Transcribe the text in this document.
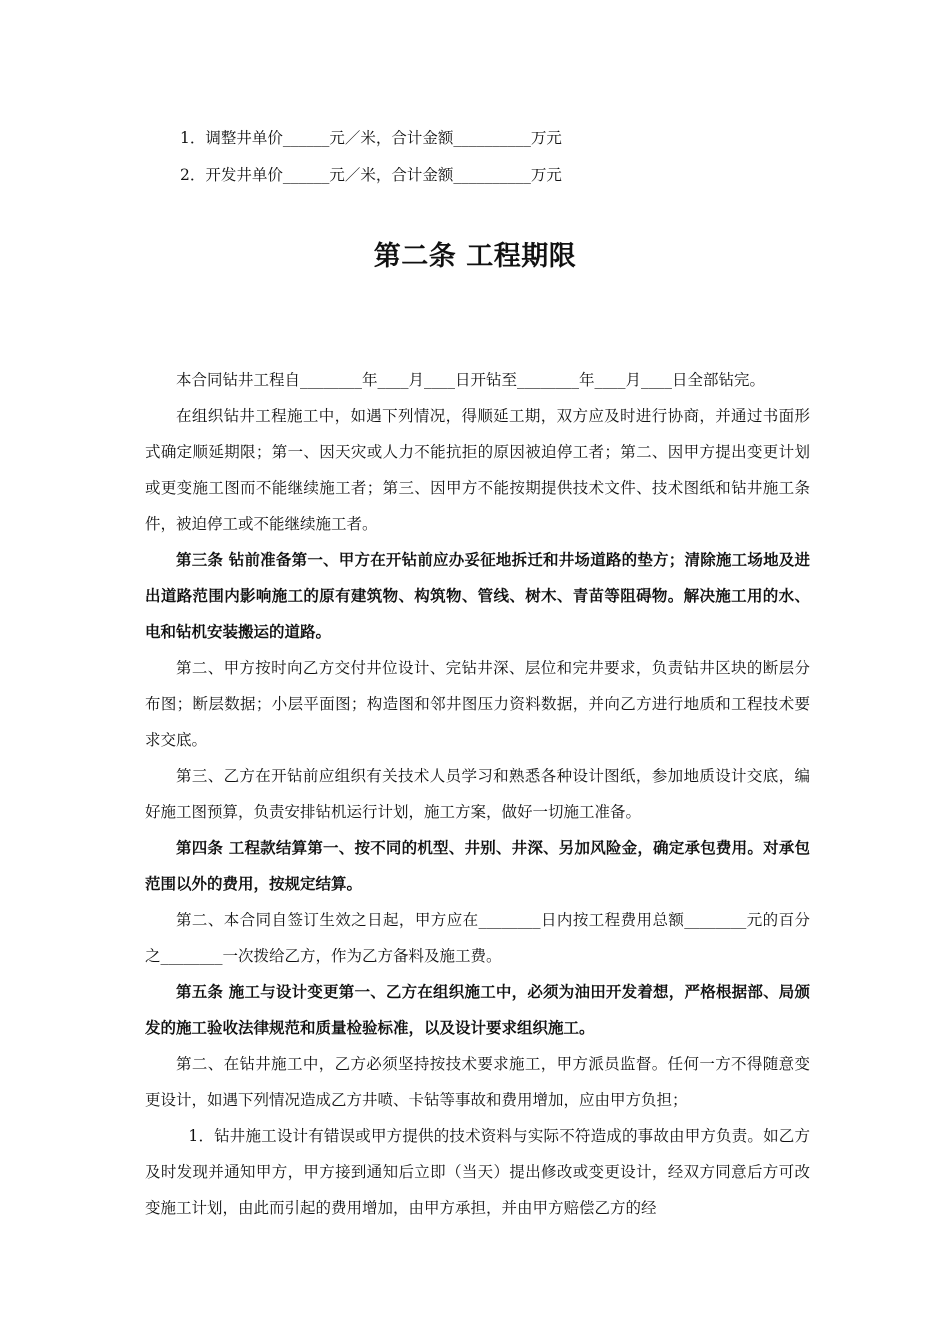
1．调整井单价______元／米，合计金额__________万元
2．开发井单价______元／米，合计金额__________万元
第二条 工程期限

本合同钻井工程自________年____月____日开钻至________年____月____日全部钻完。

在组织钻井工程施工中，如遇下列情况，得顺延工期，双方应及时进行协商，并通过书面形式确定顺延期限；第一、因天灾或人力不能抗拒的原因被迫停工者；第二、因甲方提出变更计划或更变施工图而不能继续施工者；第三、因甲方不能按期提供技术文件、技术图纸和钻井施工条件，被迫停工或不能继续施工者。

第三条 钻前准备第一、甲方在开钻前应办妥征地拆迁和井场道路的垫方；清除施工场地及进出道路范围内影响施工的原有建筑物、构筑物、管线、树木、青苗等阻碍物。解决施工用的水、电和钻机安装搬运的道路。

第二、甲方按时向乙方交付井位设计、完钻井深、层位和完井要求，负责钻井区块的断层分布图；断层数据；小层平面图；构造图和邻井图压力资料数据，并向乙方进行地质和工程技术要求交底。

第三、乙方在开钻前应组织有关技术人员学习和熟悉各种设计图纸，参加地质设计交底，编好施工图预算，负责安排钻机运行计划，施工方案，做好一切施工准备。

第四条 工程款结算第一、按不同的机型、井别、井深、另加风险金，确定承包费用。对承包范围以外的费用，按规定结算。

第二、本合同自签订生效之日起，甲方应在________日内按工程费用总额________元的百分之________一次拨给乙方，作为乙方备料及施工费。

第五条 施工与设计变更第一、乙方在组织施工中，必须为油田开发着想，严格根据部、局颁发的施工验收法律规范和质量检验标准，以及设计要求组织施工。

第二、在钻井施工中，乙方必须坚持按技术要求施工，甲方派员监督。任何一方不得随意变更设计，如遇下列情况造成乙方井喷、卡钻等事故和费用增加，应由甲方负担；

1．钻井施工设计有错误或甲方提供的技术资料与实际不符造成的事故由甲方负责。如乙方及时发现并通知甲方，甲方接到通知后立即（当天）提出修改或变更设计，经双方同意后方可改变施工计划，由此而引起的费用增加，由甲方承担，并由甲方赔偿乙方的经
